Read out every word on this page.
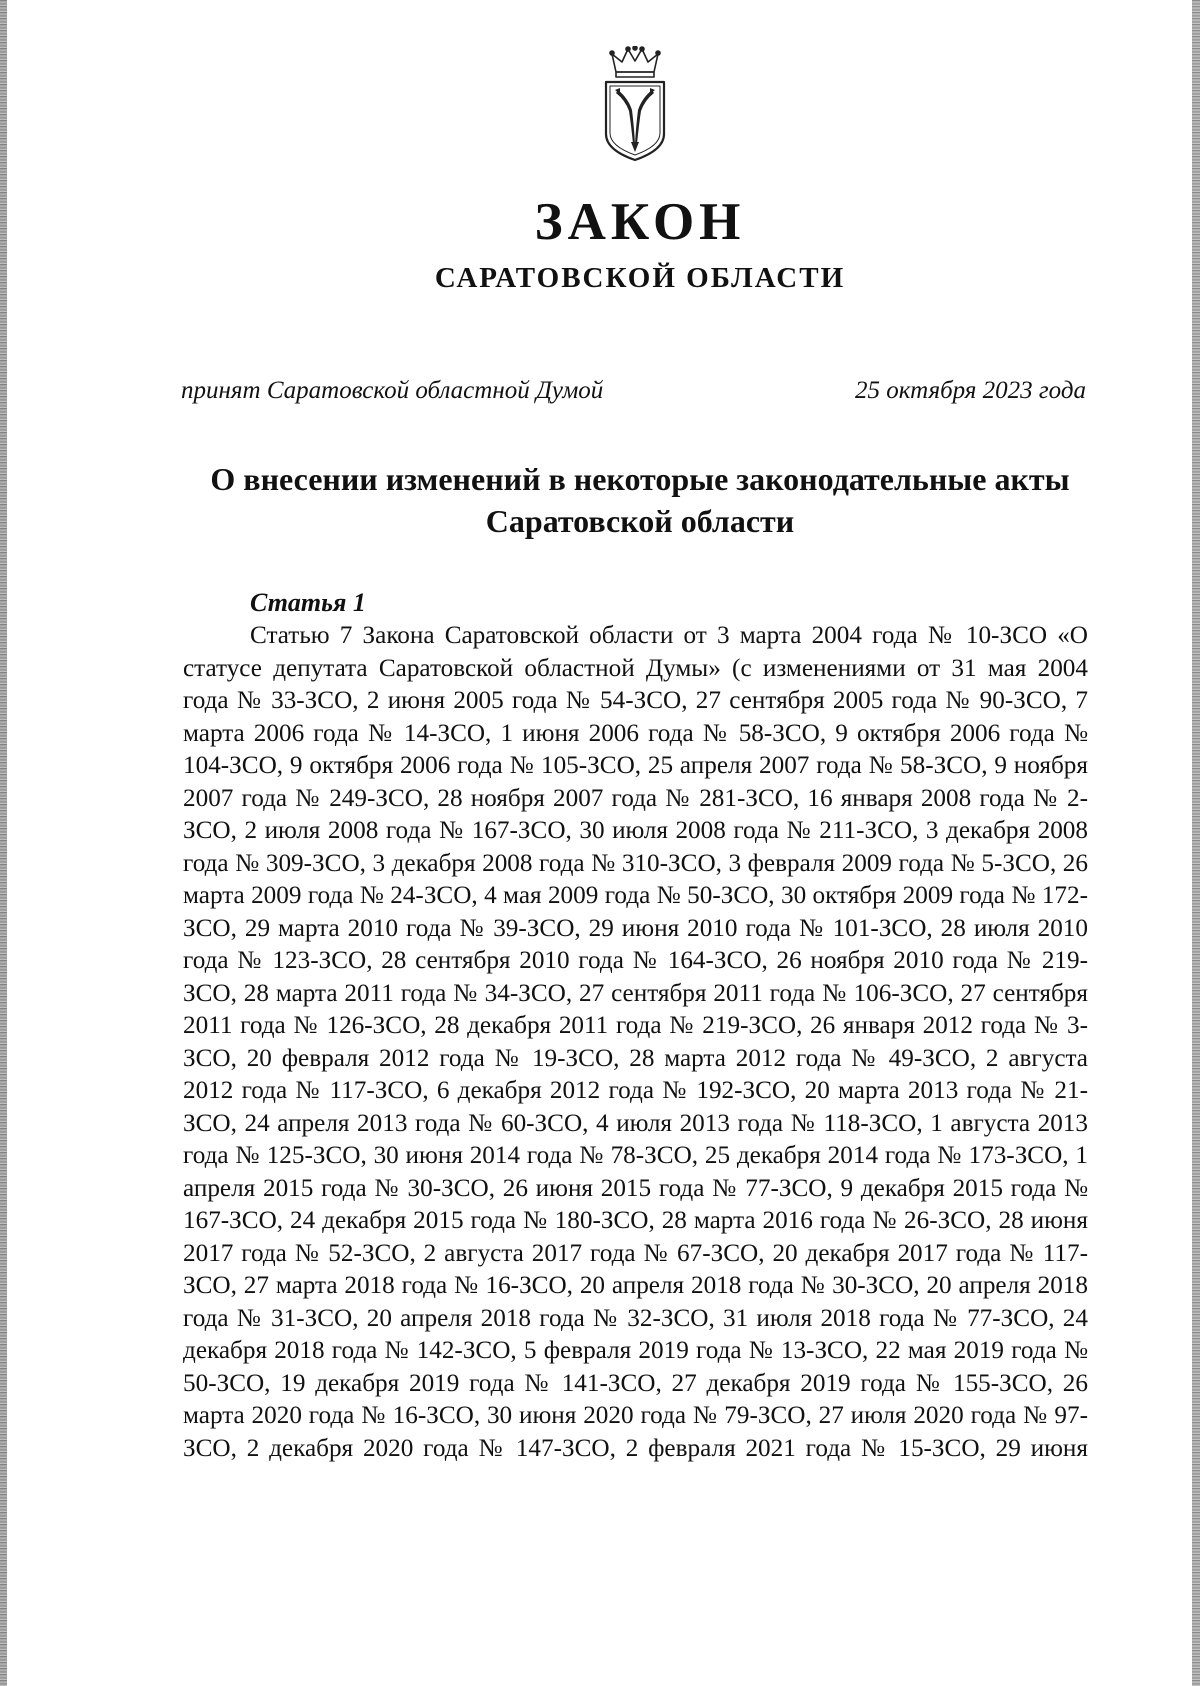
ЗАКОН
САРАТОВСКОЙ ОБЛАСТИ
принят Саратовской областной Думой	25 октября 2023 года
О внесении изменений в некоторые законодательные акты Саратовской области
Статья 1

Статью 7 Закона Саратовской области от 3 марта 2004 года № 10-ЗСО «О статусе депутата Саратовской областной Думы» (с изменениями от 31 мая 2004 года № 33-ЗСО, 2 июня 2005 года № 54-ЗСО, 27 сентября 2005 года № 90-ЗСО, 7 марта 2006 года № 14-ЗСО, 1 июня 2006 года № 58-ЗСО, 9 октября 2006 года № 104-ЗСО, 9 октября 2006 года № 105-ЗСО, 25 апреля 2007 года № 58-ЗСО, 9 ноября 2007 года № 249-ЗСО, 28 ноября 2007 года № 281-ЗСО, 16 января 2008 года № 2-ЗСО, 2 июля 2008 года № 167-ЗСО, 30 июля 2008 года № 211-ЗСО, 3 декабря 2008 года № 309-ЗСО, 3 декабря 2008 года № 310-ЗСО, 3 февраля 2009 года № 5-ЗСО, 26 марта 2009 года № 24-ЗСО, 4 мая 2009 года № 50-ЗСО, 30 октября 2009 года № 172-ЗСО, 29 марта 2010 года № 39-ЗСО, 29 июня 2010 года № 101-ЗСО, 28 июля 2010 года № 123-ЗСО, 28 сентября 2010 года № 164-ЗСО, 26 ноября 2010 года № 219-ЗСО, 28 марта 2011 года № 34-ЗСО, 27 сентября 2011 года № 106-ЗСО, 27 сентября 2011 года № 126-ЗСО, 28 декабря 2011 года № 219-ЗСО, 26 января 2012 года № 3-ЗСО, 20 февраля 2012 года № 19-ЗСО, 28 марта 2012 года № 49-ЗСО, 2 августа 2012 года № 117-ЗСО, 6 декабря 2012 года № 192-ЗСО, 20 марта 2013 года № 21-ЗСО, 24 апреля 2013 года № 60-ЗСО, 4 июля 2013 года № 118-ЗСО, 1 августа 2013 года № 125-ЗСО, 30 июня 2014 года № 78-ЗСО, 25 декабря 2014 года № 173-ЗСО, 1 апреля 2015 года № 30-ЗСО, 26 июня 2015 года № 77-ЗСО, 9 декабря 2015 года № 167-ЗСО, 24 декабря 2015 года № 180-ЗСО, 28 марта 2016 года № 26-ЗСО, 28 июня 2017 года № 52-ЗСО, 2 августа 2017 года № 67-ЗСО, 20 декабря 2017 года № 117-ЗСО, 27 марта 2018 года № 16-ЗСО, 20 апреля 2018 года № 30-ЗСО, 20 апреля 2018 года № 31-ЗСО, 20 апреля 2018 года № 32-ЗСО, 31 июля 2018 года № 77-ЗСО, 24 декабря 2018 года № 142-ЗСО, 5 февраля 2019 года № 13-ЗСО, 22 мая 2019 года № 50-ЗСО, 19 декабря 2019 года № 141-ЗСО, 27 декабря 2019 года № 155-ЗСО, 26 марта 2020 года № 16-ЗСО, 30 июня 2020 года № 79-ЗСО, 27 июля 2020 года № 97-ЗСО, 2 декабря 2020 года № 147-ЗСО, 2 февраля 2021 года № 15-ЗСО, 29 июня
